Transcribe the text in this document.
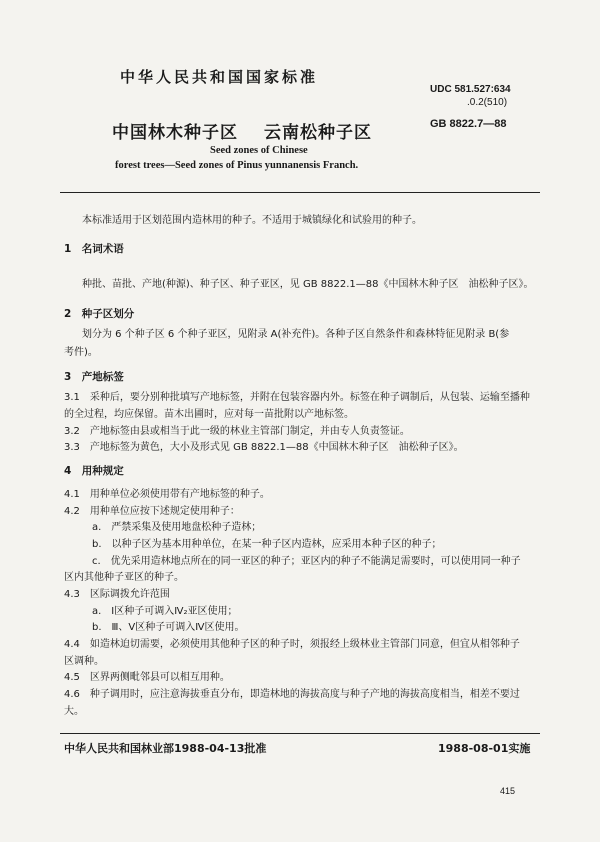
中华人民共和国国家标准
UDC 581.527:634
.0.2(510)
中国林木种子区 云南松种子区	GB 8822.7—88
Seed zones of Chinese
forest trees—Seed zones of Pinus yunnanensis Franch.
本标准适用于区划范围内造林用的种子。不适用于城镇绿化和试验用的种子。
1　名词术语
种批、苗批、产地(种源)、种子区、种子亚区，见 GB 8822.1—88《中国林木种子区　油松种子区》。
2　种子区划分
划分为 6 个种子区 6 个种子亚区，见附录 A(补充件)。各种子区自然条件和森林特征见附录 B(参
考件)。
3　产地标签
3.1　采种后，要分别种批填写产地标签，并附在包装容器内外。标签在种子调制后，从包装、运输至播种
的全过程，均应保留。苗木出圃时，应对每一苗批附以产地标签。
3.2　产地标签由县或相当于此一级的林业主管部门制定，并由专人负责签证。
3.3　产地标签为黄色，大小及形式见 GB 8822.1—88《中国林木种子区　油松种子区》。
4　用种规定
4.1　用种单位必须使用带有产地标签的种子。
4.2　用种单位应按下述规定使用种子：
a.　严禁采集及使用地盘松种子造林；
b.　以种子区为基本用种单位，在某一种子区内造林，应采用本种子区的种子；
c.　优先采用造林地点所在的同一亚区的种子；亚区内的种子不能满足需要时，可以使用同一种子
区内其他种子亚区的种子。
4.3　区际调拨允许范围
a.　Ⅰ区种子可调入Ⅳ₂亚区使用；
b.　Ⅲ、Ⅴ区种子可调入Ⅳ区使用。
4.4　如造林迫切需要，必须使用其他种子区的种子时，须报经上级林业主管部门同意，但宜从相邻种子
区调种。
4.5　区界两侧毗邻县可以相互用种。
4.6　种子调用时，应注意海拔垂直分布，即造林地的海拔高度与种子产地的海拔高度相当，相差不要过
大。
中华人民共和国林业部1988-04-13批准	1988-08-01实施
415
